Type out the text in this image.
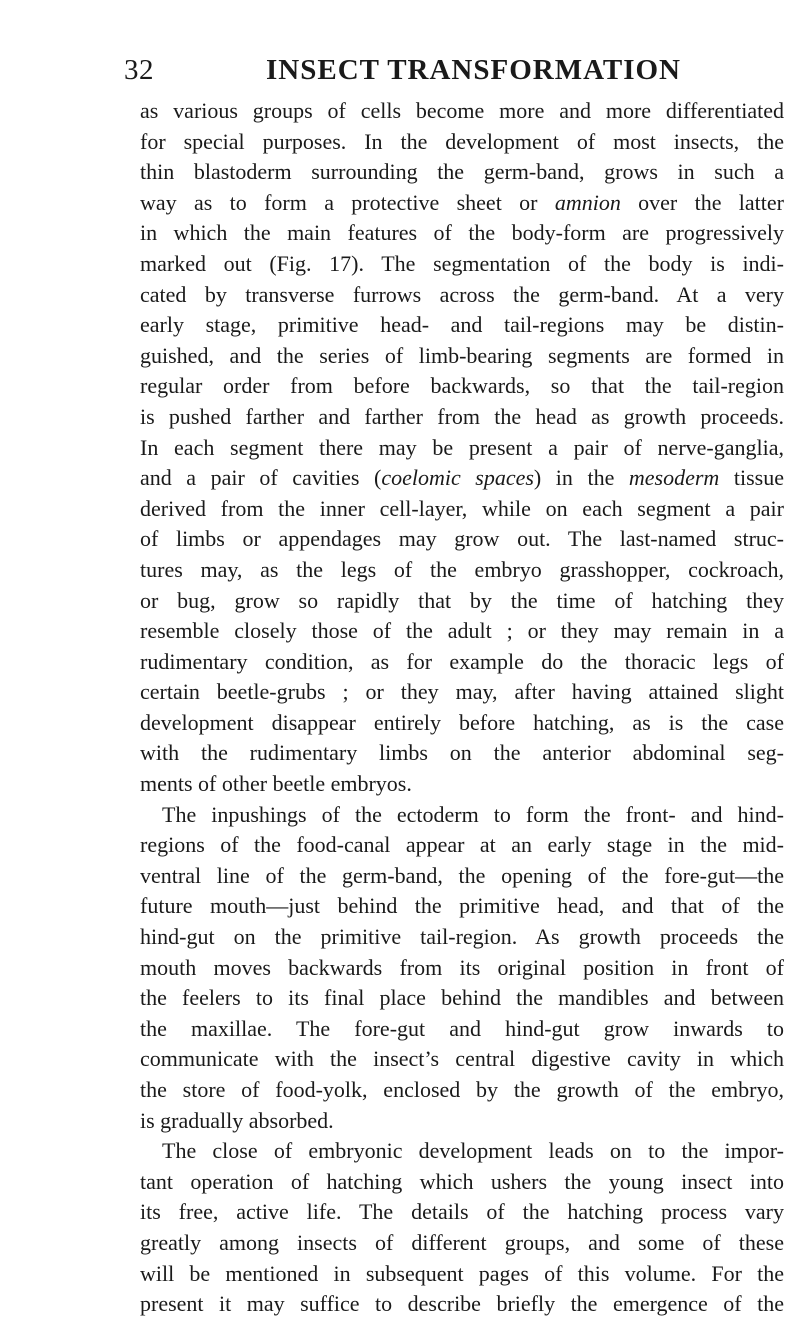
32	INSECT TRANSFORMATION
as various groups of cells become more and more differentiated
for special purposes. In the development of most insects, the
thin blastoderm surrounding the germ-band, grows in such a
way as to form a protective sheet or amnion over the latter
in which the main features of the body-form are progressively
marked out (Fig. 17). The segmentation of the body is indi-
cated by transverse furrows across the germ-band. At a very
early stage, primitive head- and tail-regions may be distin-
guished, and the series of limb-bearing segments are formed in
regular order from before backwards, so that the tail-region
is pushed farther and farther from the head as growth proceeds.
In each segment there may be present a pair of nerve-ganglia,
and a pair of cavities (coelomic spaces) in the mesoderm tissue
derived from the inner cell-layer, while on each segment a pair
of limbs or appendages may grow out. The last-named struc-
tures may, as the legs of the embryo grasshopper, cockroach,
or bug, grow so rapidly that by the time of hatching they
resemble closely those of the adult ; or they may remain in a
rudimentary condition, as for example do the thoracic legs of
certain beetle-grubs ; or they may, after having attained slight
development disappear entirely before hatching, as is the case
with the rudimentary limbs on the anterior abdominal seg-
ments of other beetle embryos.
The inpushings of the ectoderm to form the front- and hind-
regions of the food-canal appear at an early stage in the mid-
ventral line of the germ-band, the opening of the fore-gut—the
future mouth—just behind the primitive head, and that of the
hind-gut on the primitive tail-region. As growth proceeds the
mouth moves backwards from its original position in front of
the feelers to its final place behind the mandibles and between
the maxillae. The fore-gut and hind-gut grow inwards to
communicate with the insect’s central digestive cavity in which
the store of food-yolk, enclosed by the growth of the embryo,
is gradually absorbed.
The close of embryonic development leads on to the impor-
tant operation of hatching which ushers the young insect into
its free, active life. The details of the hatching process vary
greatly among insects of different groups, and some of these
will be mentioned in subsequent pages of this volume. For the
present it may suffice to describe briefly the emergence of the
